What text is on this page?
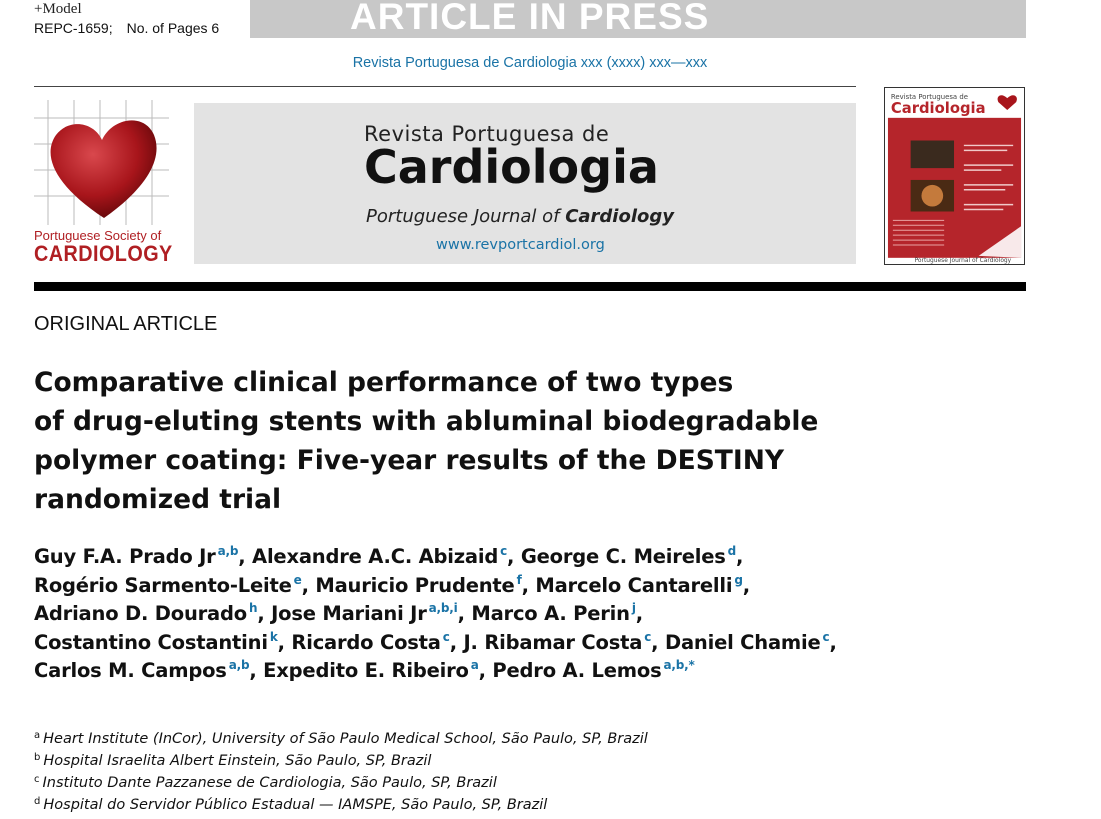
+Model
REPC-1659; No. of Pages 6	ARTICLE IN PRESS
Revista Portuguesa de Cardiologia xxx (xxxx) xxx—xxx
Portuguese Society of
CARDIOLOGY
Revista Portuguesa de
Cardiologia
Portuguese Journal of Cardiology
www.revportcardiol.org
Revista Portuguesa de
Cardiologia
Portuguese Journal of Cardiology
ORIGINAL ARTICLE
Comparative clinical performance of two types
of drug-eluting stents with abluminal biodegradable
polymer coating: Five-year results of the DESTINY
randomized trial
Guy F.A. Prado Jr $^{a,b}$, Alexandre A.C. Abizaid $^c$, George C. Meireles $^d$,
Rogério Sarmento-Leite $^e$, Mauricio Prudente $^f$, Marcelo Cantarelli $^g$,
Adriano D. Dourado $^h$, Jose Mariani Jr $^{a,b,i}$, Marco A. Perin $^j$,
Costantino Costantini $^k$, Ricardo Costa $^c$, J. Ribamar Costa $^c$, Daniel Chamie $^c$,
Carlos M. Campos $^{a,b}$, Expedito E. Ribeiro $^a$, Pedro A. Lemos $^{a,b,*}$
$^a$ Heart Institute (InCor), University of São Paulo Medical School, São Paulo, SP, Brazil
$^b$ Hospital Israelita Albert Einstein, São Paulo, SP, Brazil
$^c$ Instituto Dante Pazzanese de Cardiologia, São Paulo, SP, Brazil
$^d$ Hospital do Servidor Público Estadual — IAMSPE, São Paulo, SP, Brazil
